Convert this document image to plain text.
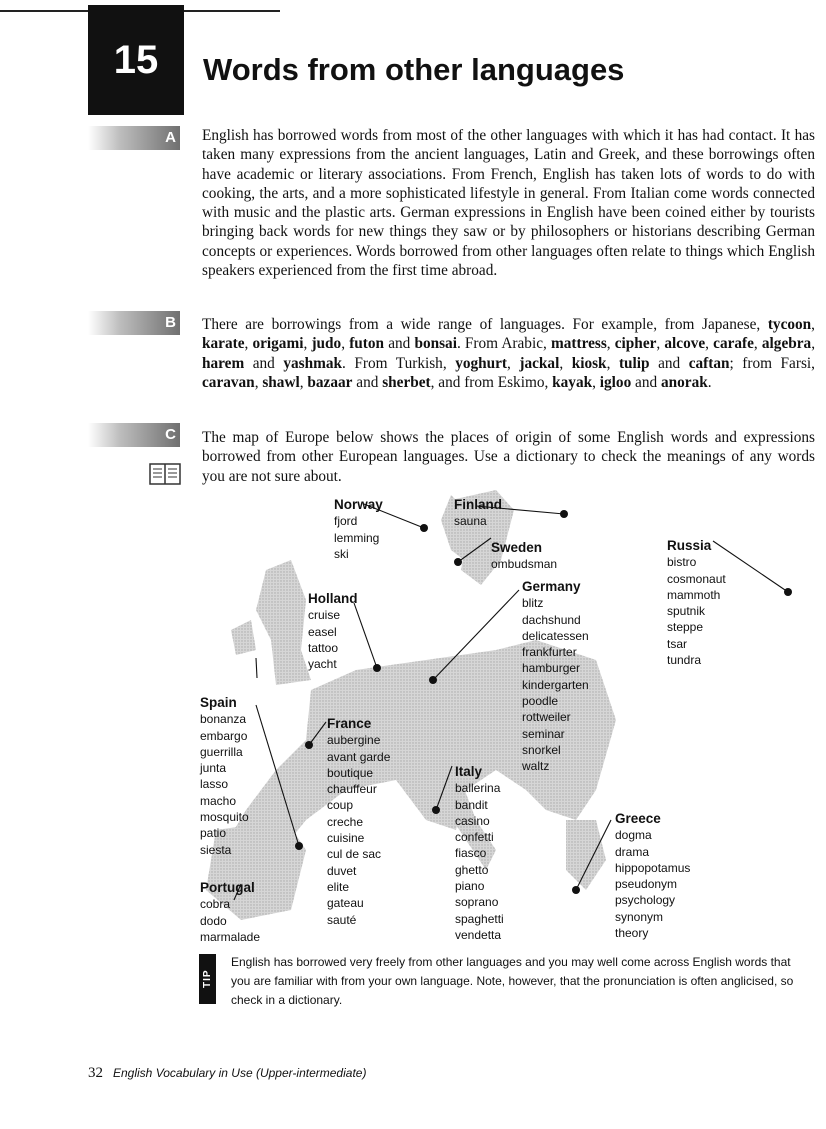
15 Words from other languages
A English has borrowed words from most of the other languages with which it has had contact. It has taken many expressions from the ancient languages, Latin and Greek, and these borrowings often have academic or literary associations. From French, English has taken lots of words to do with cooking, the arts, and a more sophisticated lifestyle in general. From Italian come words connected with music and the plastic arts. German expressions in English have been coined either by tourists bringing back words for new things they saw or by philosophers or historians describing German concepts or experiences. Words borrowed from other languages often relate to things which English speakers experienced from the first time abroad.
B There are borrowings from a wide range of languages. For example, from Japanese, tycoon, karate, origami, judo, futon and bonsai. From Arabic, mattress, cipher, alcove, carafe, algebra, harem and yashmak. From Turkish, yoghurt, jackal, kiosk, tulip and caftan; from Farsi, caravan, shawl, bazaar and sherbet, and from Eskimo, kayak, igloo and anorak.
C The map of Europe below shows the places of origin of some English words and expressions borrowed from other European languages. Use a dictionary to check the meanings of any words you are not sure about.
Norway
fjord
lemming
ski
Finland
sauna
Sweden
ombudsman
Russia
bistro
cosmonaut
mammoth
sputnik
steppe
tsar
tundra
Holland
cruise
easel
tattoo
yacht
Germany
blitz
dachshund
delicatessen
frankfurter
hamburger
kindergarten
poodle
rottweiler
seminar
snorkel
waltz
Spain
bonanza
embargo
guerrilla
junta
lasso
macho
mosquito
patio
siesta
Portugal
cobra
dodo
marmalade
France
aubergine
avant garde
boutique
chauffeur
coup
creche
cuisine
cul de sac
duvet
elite
gateau
sauté
Italy
ballerina
bandit
casino
confetti
fiasco
ghetto
piano
soprano
spaghetti
vendetta
Greece
dogma
drama
hippopotamus
pseudonym
psychology
synonym
theory
TIP
English has borrowed very freely from other languages and you may well come across English words that you are familiar with from your own language. Note, however, that the pronunciation is often anglicised, so check in a dictionary.
32 English Vocabulary in Use (Upper-intermediate)
